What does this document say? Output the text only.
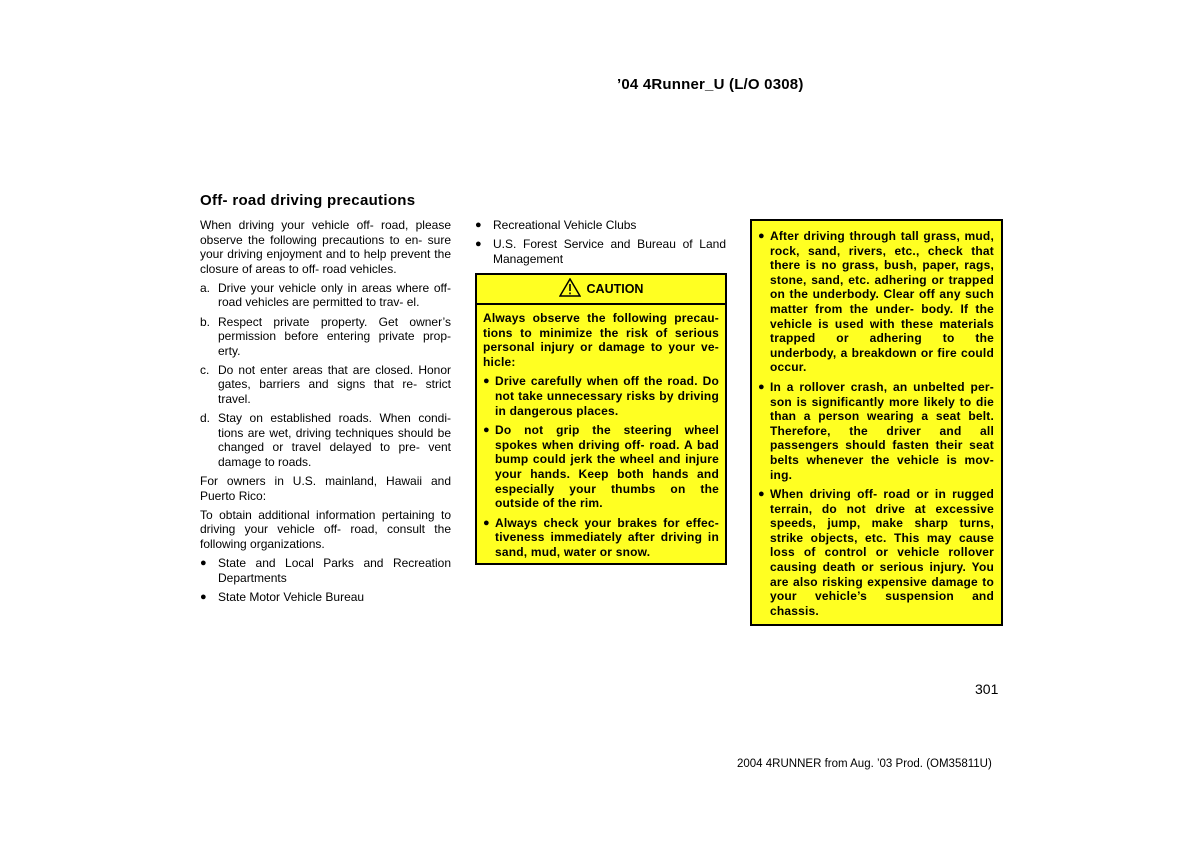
’04 4Runner_U (L/O 0308)
Off- road driving precautions

When driving your vehicle off- road, please observe the following precautions to en- sure your driving enjoyment and to help prevent the closure of areas to off- road vehicles.

a. Drive your vehicle only in areas where off- road vehicles are permitted to trav- el.
b. Respect private property. Get owner’s permission before entering private prop- erty.
c. Do not enter areas that are closed. Honor gates, barriers and signs that re- strict travel.
d. Stay on established roads. When condi- tions are wet, driving techniques should be changed or travel delayed to pre- vent damage to roads.

For owners in U.S. mainland, Hawaii and Puerto Rico:

To obtain additional information pertaining to driving your vehicle off- road, consult the following organizations.

● State and Local Parks and Recreation Departments
● State Motor Vehicle Bureau
● Recreational Vehicle Clubs
● U.S. Forest Service and Bureau of Land Management
CAUTION

Always observe the following precau- tions to minimize the risk of serious personal injury or damage to your ve- hicle:

● Drive carefully when off the road. Do not take unnecessary risks by driving in dangerous places.
● Do not grip the steering wheel spokes when driving off- road. A bad bump could jerk the wheel and injure your hands. Keep both hands and especially your thumbs on the outside of the rim.
● Always check your brakes for effec- tiveness immediately after driving in sand, mud, water or snow.
● After driving through tall grass, mud, rock, sand, rivers, etc., check that there is no grass, bush, paper, rags, stone, sand, etc. adhering or trapped on the underbody. Clear off any such matter from the under- body. If the vehicle is used with these materials trapped or adhering to the underbody, a breakdown or fire could occur.
● In a rollover crash, an unbelted per- son is significantly more likely to die than a person wearing a seat belt. Therefore, the driver and all passengers should fasten their seat belts whenever the vehicle is mov- ing.
● When driving off- road or in rugged terrain, do not drive at excessive speeds, jump, make sharp turns, strike objects, etc. This may cause loss of control or vehicle rollover causing death or serious injury. You are also risking expensive damage to your vehicle’s suspension and chassis.
301
2004 4RUNNER from Aug. ’03 Prod. (OM35811U)
